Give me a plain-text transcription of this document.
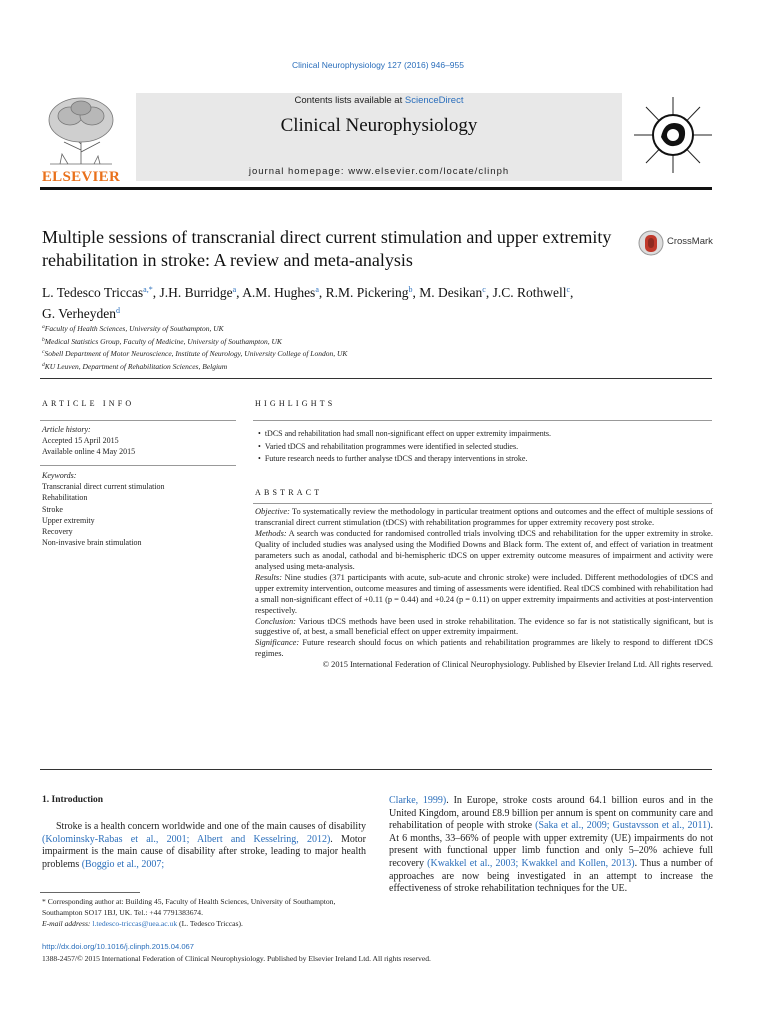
Clinical Neurophysiology 127 (2016) 946–955
ELSEVIER
Contents lists available at ScienceDirect
Clinical Neurophysiology
journal homepage: www.elsevier.com/locate/clinph
Multiple sessions of transcranial direct current stimulation and upper extremity rehabilitation in stroke: A review and meta-analysis
CrossMark
L. Tedesco Triccas$^{a,*}$, J.H. Burridge$^a$, A.M. Hughes$^a$, R.M. Pickering$^b$, M. Desikan$^c$, J.C. Rothwell$^c$,
G. Verheyden$^d$
$^a$Faculty of Health Sciences, University of Southampton, UK
$^b$Medical Statistics Group, Faculty of Medicine, University of Southampton, UK
$^c$Sobell Department of Motor Neuroscience, Institute of Neurology, University College of London, UK
$^d$KU Leuven, Department of Rehabilitation Sciences, Belgium
ARTICLE INFO
Article history:
Accepted 15 April 2015
Available online 4 May 2015
Keywords:
Transcranial direct current stimulation
Rehabilitation
Stroke
Upper extremity
Recovery
Non-invasive brain stimulation
HIGHLIGHTS
• tDCS and rehabilitation had small non-significant effect on upper extremity impairments.
• Varied tDCS and rehabilitation programmes were identified in selected studies.
• Future research needs to further analyse tDCS and therapy interventions in stroke.
ABSTRACT

Objective: To systematically review the methodology in particular treatment options and outcomes and the effect of multiple sessions of transcranial direct current stimulation (tDCS) with rehabilitation programmes for upper extremity recovery post stroke.

Methods: A search was conducted for randomised controlled trials involving tDCS and rehabilitation for the upper extremity in stroke. Quality of included studies was analysed using the Modified Downs and Black form. The extent of, and effect of variation in treatment parameters such as anodal, cathodal and bi-hemispheric tDCS on upper extremity outcome measures of impairment and activity were analysed using meta-analysis.

Results: Nine studies (371 participants with acute, sub-acute and chronic stroke) were included. Different methodologies of tDCS and upper extremity intervention, outcome measures and timing of assessments were identified. Real tDCS combined with rehabilitation had a small non-significant effect of +0.11 (p = 0.44) and +0.24 (p = 0.11) on upper extremity impairments and activities at post-intervention respectively.

Conclusion: Various tDCS methods have been used in stroke rehabilitation. The evidence so far is not statistically significant, but is suggestive of, at best, a small beneficial effect on upper extremity impairment.

Significance: Future research should focus on which patients and rehabilitation programmes are likely to respond to different tDCS regimes.

© 2015 International Federation of Clinical Neurophysiology. Published by Elsevier Ireland Ltd. All rights reserved.

1. Introduction
Stroke is a health concern worldwide and one of the main causes of disability (Kolominsky-Rabas et al., 2001; Albert and Kesselring, 2012). Motor impairment is the main cause of disability after stroke, leading to major health problems (Boggio et al., 2007;
Clarke, 1999). In Europe, stroke costs around 64.1 billion euros and in the United Kingdom, around £8.9 billion per annum is spent on community care and rehabilitation of people with stroke (Saka et al., 2009; Gustavsson et al., 2011). At 6 months, 33–66% of people with upper extremity (UE) impairments do not present with functional upper limb function and only 5–20% achieve full recovery (Kwakkel et al., 2003; Kwakkel and Kollen, 2013). Thus a number of approaches are now being investigated in an attempt to increase the effectiveness of stroke rehabilitation techniques for the UE.
* Corresponding author at: Building 45, Faculty of Health Sciences, University of Southampton, Southampton SO17 1BJ, UK. Tel.: +44 7791383674.
E-mail address: l.tedesco-triccas@uea.ac.uk (L. Tedesco Triccas).
http://dx.doi.org/10.1016/j.clinph.2015.04.067
1388-2457/© 2015 International Federation of Clinical Neurophysiology. Published by Elsevier Ireland Ltd. All rights reserved.
